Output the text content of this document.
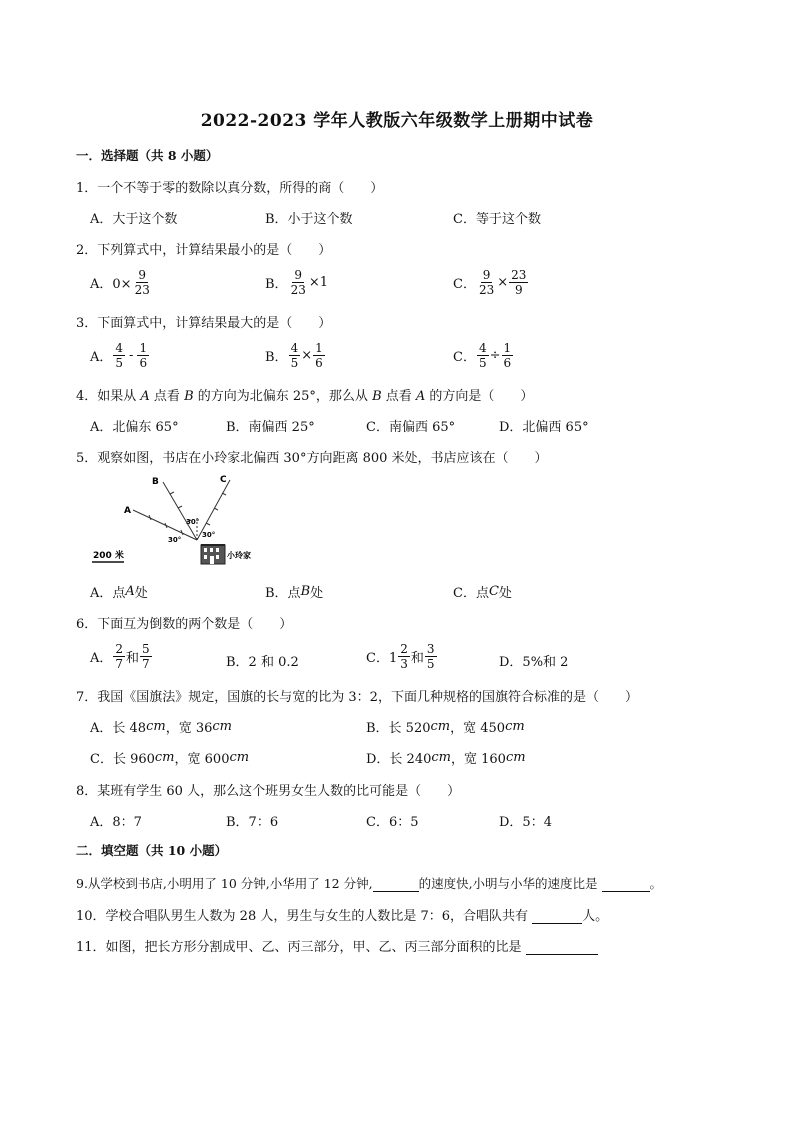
2022-2023 学年人教版六年级数学上册期中试卷
一．选择题（共 8 小题）
1．一个不等于零的数除以真分数，所得的商（　　）
A．大于这个数	B．小于这个数	C．等于这个数
2．下列算式中，计算结果最小的是（　　）
A．$0\times \frac{9}{23}$	B． $\frac{9}{23} \times 1$	C． $\frac{9}{23} \times \frac{23}{9}$
3．下面算式中，计算结果最大的是（　　）
A． $\frac{4}{5} - \frac{1}{6}$	B． $\frac{4}{5} \times \frac{1}{6}$	C． $\frac{4}{5} \div \frac{1}{6}$
4．如果从 A 点看 B 的方向为北偏东 25°，那么从 B 点看 A 的方向是（　　）
A．北偏东 65°	B．南偏西 25°	C．南偏西 65°	D．北偏西 65°
5．观察如图，书店在小玲家北偏西 30°方向距离 800 米处，书店应该在（　　）
A
B	C
30°
30°
30°
200 米	小玲家
A．点 A 处	B．点 B 处	C．点 C 处
6．下面互为倒数的两个数是（　　）
A． $\frac{2}{7}$ 和 $\frac{5}{7}$	B．2 和 0.2	C．$1 \frac{2}{3}$ 和 $\frac{3}{5}$	D．5%和 2
7．我国《国旗法》规定，国旗的长与宽的比为 3：2，下面几种规格的国旗符合标准的是（　　）
A．长 48 cm ，宽 36 cm	B．长 520 cm ，宽 450 cm
C．长 960 cm ，宽 600 cm	D．长 240 cm ，宽 160 cm
8．某班有学生 60 人，那么这个班男女生人数的比可能是（　　）
A．8：7	B．7：6	C．6：5	D．5：4
二．填空题（共 10 小题）
9.从学校到书店,小明用了 10 分钟,小华用了 12 分钟,	的速度快,小明与小华的速度比是	。
10．学校合唱队男生人数为 28 人，男生与女生的人数比是 7：6，合唱队共有	人。
11．如图，把长方形分割成甲、乙、丙三部分，甲、乙、丙三部分面积的比是
